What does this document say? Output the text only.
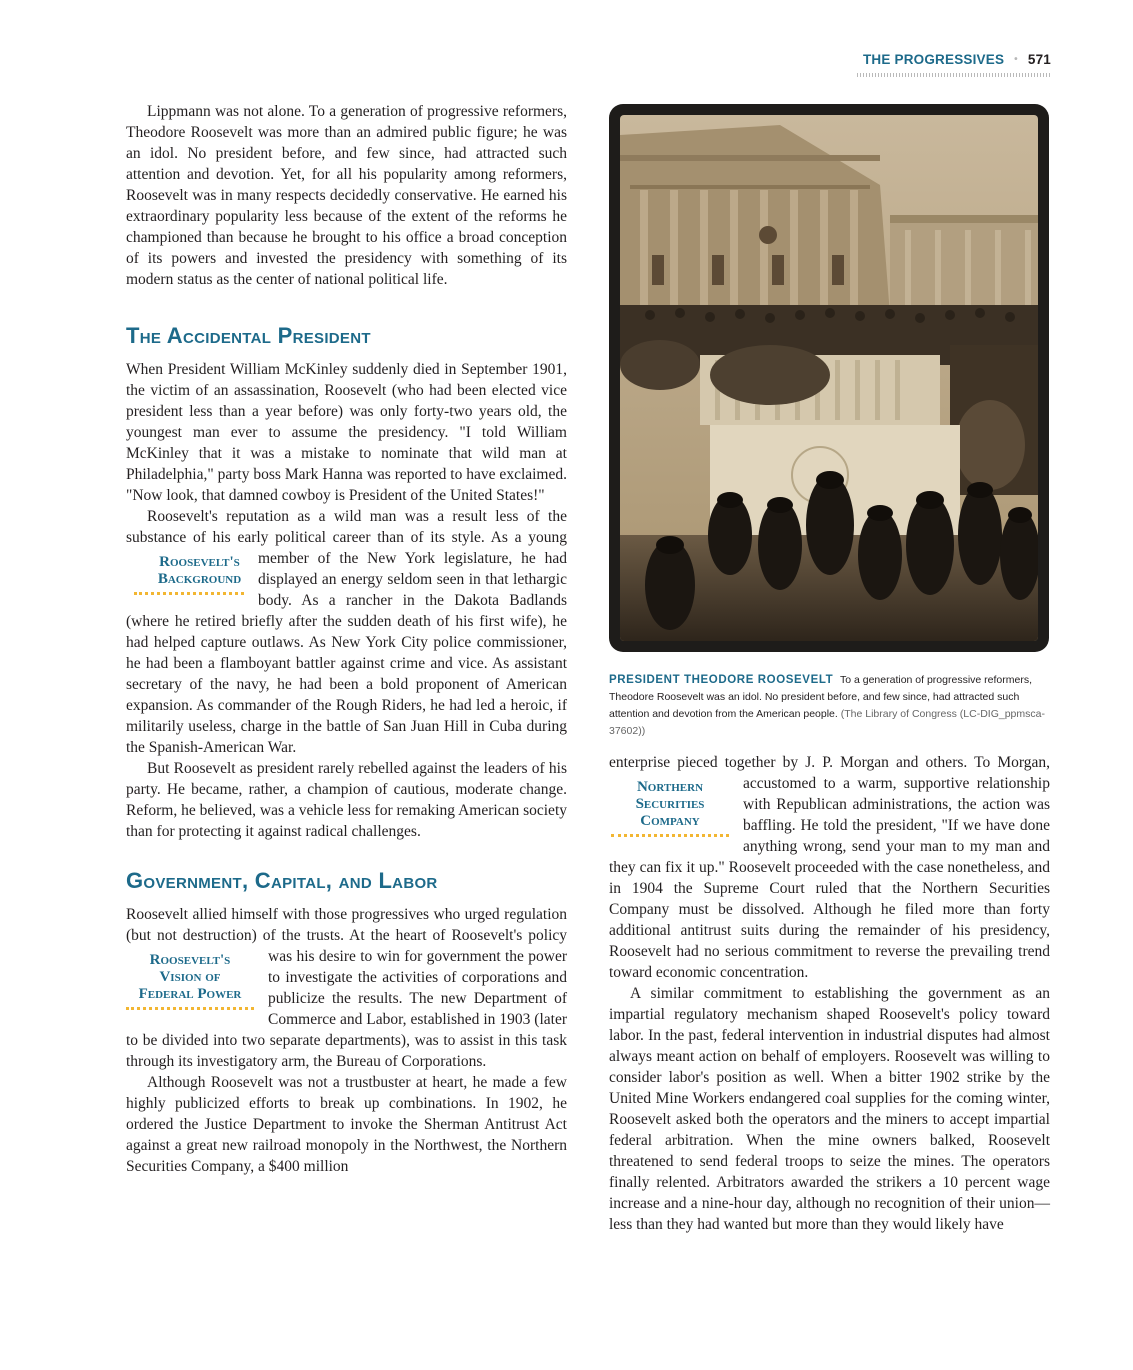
THE PROGRESSIVES • 571

Lippmann was not alone. To a generation of progressive reformers, Theodore Roosevelt was more than an admired public figure; he was an idol. No president before, and few since, had attracted such attention and devotion. Yet, for all his popularity among reformers, Roosevelt was in many respects decidedly conservative. He earned his extraordinary popularity less because of the extent of the reforms he championed than because he brought to his office a broad conception of its powers and invested the presidency with something of its modern status as the center of national political life.

The Accidental President

When President William McKinley suddenly died in September 1901, the victim of an assassination, Roosevelt (who had been elected vice president less than a year before) was only forty-two years old, the youngest man ever to assume the presidency. "I told William McKinley that it was a mistake to nominate that wild man at Philadelphia," party boss Mark Hanna was reported to have exclaimed. "Now look, that damned cowboy is President of the United States!"

Roosevelt's reputation as a wild man was a result less of the substance of his early political career than of its style. As a
Roosevelt's
Background
young member of the New York legislature, he had displayed an energy seldom seen in that lethargic body. As a rancher in the Dakota Badlands (where he retired briefly after the sudden death of his first wife), he had helped capture outlaws. As New York City police commissioner, he had been a flamboyant battler against crime and vice. As assistant secretary of the navy, he had been a bold proponent of American expansion. As commander of the Rough Riders, he had led a heroic, if militarily useless, charge in the battle of San Juan Hill in Cuba during the Spanish-American War.

But Roosevelt as president rarely rebelled against the leaders of his party. He became, rather, a champion of cautious, moderate change. Reform, he believed, was a vehicle less for remaking American society than for protecting it against radical challenges.

Government, Capital, and Labor

Roosevelt allied himself with those progressives who urged regulation (but not destruction) of the trusts. At the heart of
Roosevelt's
Vision of
Federal Power
Roosevelt's policy was his desire to win for government the power to investigate the activities of corporations and publicize the results. The new Department of Commerce and Labor, established in 1903 (later to be divided into two separate departments), was to assist in this task through its investigatory arm, the Bureau of Corporations.

Although Roosevelt was not a trustbuster at heart, he made a few highly publicized efforts to break up combinations. In 1902, he ordered the Justice Department to invoke the Sherman Antitrust Act against a great new railroad monopoly in the Northwest, the Northern Securities Company, a $400 million

PRESIDENT THEODORE ROOSEVELT To a generation of progressive reformers, Theodore Roosevelt was an idol. No president before, and few since, had attracted such attention and devotion from the American people. (The Library of Congress (LC-DIG_ppmsca-37602))

enterprise pieced together by J. P. Morgan and others. To
Northern
Securities
Company
Morgan, accustomed to a warm, supportive relationship with Republican administrations, the action was baffling. He told the president, "If we have done anything wrong, send your man to my man and they can fix it up." Roosevelt proceeded with the case nonetheless, and in 1904 the Supreme Court ruled that the Northern Securities Company must be dissolved. Although he filed more than forty additional antitrust suits during the remainder of his presidency, Roosevelt had no serious commitment to reverse the prevailing trend toward economic concentration.

A similar commitment to establishing the government as an impartial regulatory mechanism shaped Roosevelt's policy toward labor. In the past, federal intervention in industrial disputes had almost always meant action on behalf of employers. Roosevelt was willing to consider labor's position as well. When a bitter 1902 strike by the United Mine Workers endangered coal supplies for the coming winter, Roosevelt asked both the operators and the miners to accept impartial federal arbitration. When the mine owners balked, Roosevelt threatened to send federal troops to seize the mines. The operators finally relented. Arbitrators awarded the strikers a 10 percent wage increase and a nine-hour day, although no recognition of their union—less than they had wanted but more than they would likely have
